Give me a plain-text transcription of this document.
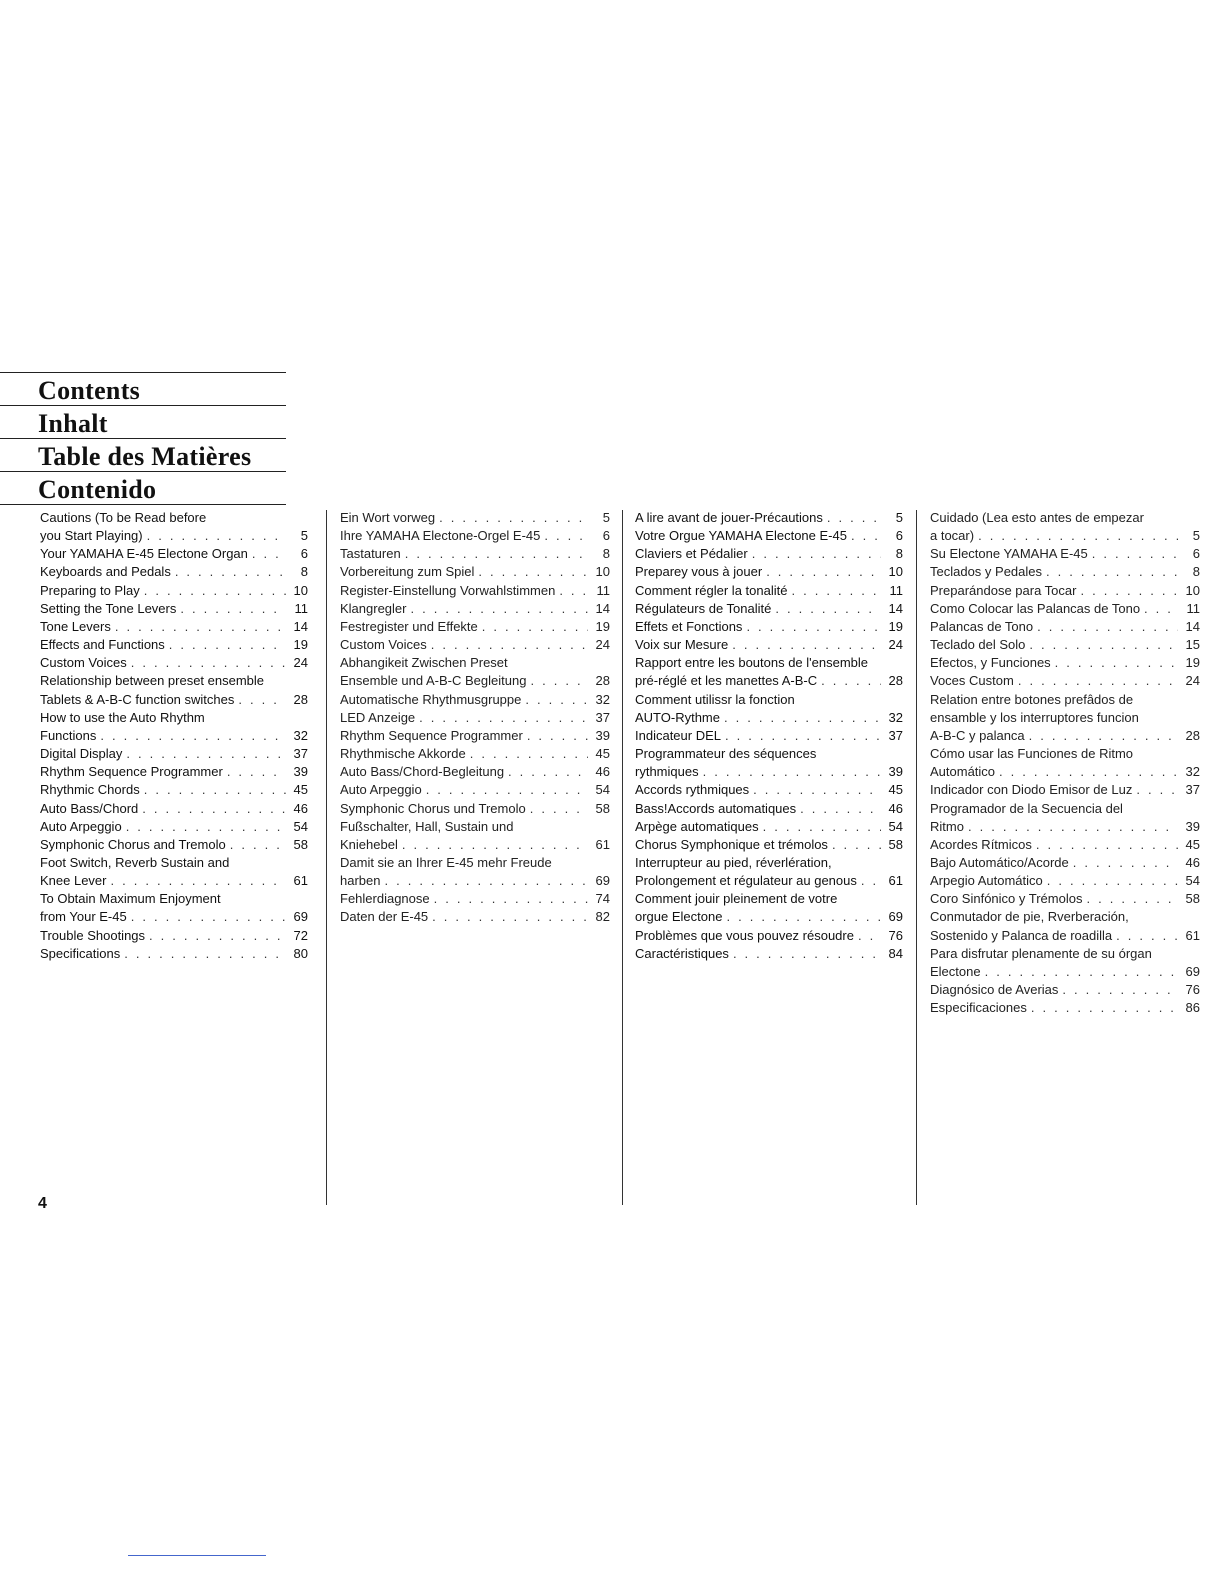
Contents
Inhalt
Table des Matières
Contenido
Cautions (To be Read before
you Start Playing) . . .	5
Your YAMAHA E-45 Electone Organ . . .	6
Keyboards and Pedals . . .	8
Preparing to Play . . .	10
Setting the Tone Levers . . .	11
Tone Levers . . .	14
Effects and Functions . . .	19
Custom Voices . . .	24
Relationship between preset ensemble
Tablets & A-B-C function switches . . .	28
How to use the Auto Rhythm
Functions . . .	32
Digital Display . . .	37
Rhythm Sequence Programmer . . .	39
Rhythmic Chords . . .	45
Auto Bass/Chord . . .	46
Auto Arpeggio . . .	54
Symphonic Chorus and Tremolo . . .	58
Foot Switch, Reverb Sustain and
Knee Lever . . .	61
To Obtain Maximum Enjoyment
from Your E-45 . . .	69
Trouble Shootings . . .	72
Specifications . . .	80
Ein Wort vorweg . . .	5
Ihre YAMAHA Electone-Orgel E-45 . . .	6
Tastaturen . . .	8
Vorbereitung zum Spiel . . .	10
Register-Einstellung Vorwahlstimmen . . .	11
Klangregler . . .	14
Festregister und Effekte . . .	19
Custom Voices . . .	24
Abhangikeit Zwischen Preset
Ensemble und A-B-C Begleitung . . .	28
Automatische Rhythmusgruppe . . .	32
LED Anzeige . . .	37
Rhythm Sequence Programmer . . .	39
Rhythmische Akkorde . . .	45
Auto Bass/Chord-Begleitung . . .	46
Auto Arpeggio . . .	54
Symphonic Chorus und Tremolo . . .	58
Fußschalter, Hall, Sustain und
Kniehebel . . .	61
Damit sie an Ihrer E-45 mehr Freude
harben . . .	69
Fehlerdiagnose . . .	74
Daten der E-45 . . .	82
A lire avant de jouer-Précautions . . .	5
Votre Orgue YAMAHA Electone E-45 . . .	6
Claviers et Pédalier . . .	8
Preparey vous à jouer . . .	10
Comment régler la tonalité . . .	11
Régulateurs de Tonalité . . .	14
Effets et Fonctions . . .	19
Voix sur Mesure . . .	24
Rapport entre les boutons de l'ensemble
pré-réglé et les manettes A-B-C . . .	28
Comment utilissr la fonction
AUTO-Rythme . . .	32
Indicateur DEL . . .	37
Programmateur des séquences
rythmiques . . .	39
Accords rythmiques . . .	45
Bass!Accords automatiques . . .	46
Arpège automatiques . . .	54
Chorus Symphonique et trémolos . . .	58
Interrupteur au pied, réverlération,
Prolongement et régulateur au genous . . .	61
Comment jouir pleinement de votre
orgue Electone . . .	69
Problèmes que vous pouvez résoudre . . .	76
Caractéristiques . . .	84
Cuidado (Lea esto antes de empezar
a tocar) . . .	5
Su Electone YAMAHA E-45 . . .	6
Teclados y Pedales . . .	8
Preparándose para Tocar . . .	10
Como Colocar las Palancas de Tono . . .	11
Palancas de Tono . . .	14
Teclado del Solo . . .	15
Efectos, y Funciones . . .	19
Voces Custom . . .	24
Relation entre botones prefâdos de
ensamble y los interruptores funcion
A-B-C y palanca . . .	28
Cómo usar las Funciones de Ritmo
Automático . . .	32
Indicador con Diodo Emisor de Luz . . .	37
Programador de la Secuencia del
Ritmo . . .	39
Acordes Rítmicos . . .	45
Bajo Automático/Acorde . . .	46
Arpegio Automático . . .	54
Coro Sinfónico y Trémolos . . .	58
Conmutador de pie, Rverberación,
Sostenido y Palanca de roadilla . . .	61
Para disfrutar plenamente de su órgan
Electone . . .	69
Diagnósico de Averias . . .	76
Especificaciones . . .	86
4
